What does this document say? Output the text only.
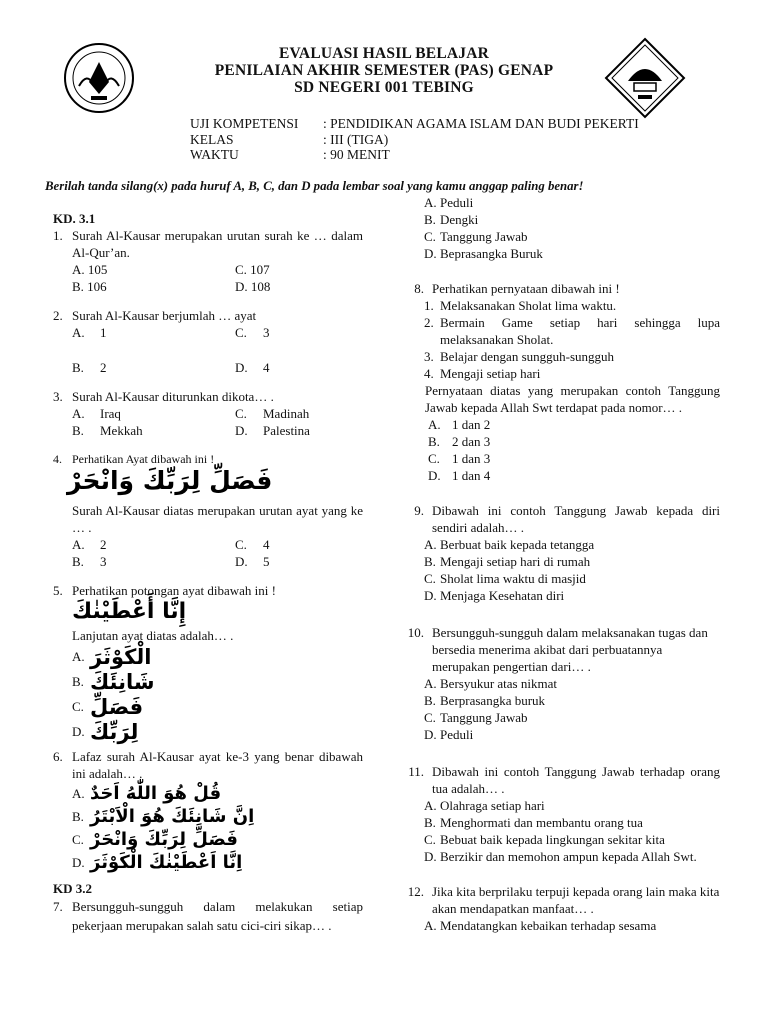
EVALUASI HASIL BELAJAR
PENILAIAN AKHIR SEMESTER (PAS) GENAP
SD NEGERI 001 TEBING
UJI KOMPETENSI	: PENDIDIKAN AGAMA ISLAM DAN BUDI PEKERTI
KELAS	: III (TIGA)
WAKTU	: 90 MENIT
Berilah tanda silang(x) pada huruf A, B, C, dan D pada lembar soal yang kamu anggap paling benar!
KD. 3.1
1. Surah Al-Kausar merupakan urutan surah ke … dalam Al-Qur’an.
A. 105	C. 107
B. 106	D. 108
2. Surah Al-Kausar berjumlah … ayat
A.	1	C.	3
B.	2	D.	4
3. Surah Al-Kausar diturunkan dikota… .
A.	Iraq	C.	Madinah
B.	Mekkah	D.	Palestina
4. Perhatikan Ayat dibawah ini !
فَصَلِّ لِرَبِّكَ وَانْحَرْ
Surah Al-Kausar diatas merupakan urutan ayat yang ke … .
A.	2	C.	4
B.	3	D.	5
5. Perhatikan potongan ayat dibawah ini !
إِنَّا أَعْطَيْنٰكَ
Lanjutan ayat diatas adalah… .
A. الْكَوْثَرَ
B. شَانِئَكَ
C. فَصَلِّ
D. لِرَبِّكَ
6. Lafaz surah Al-Kausar ayat ke-3 yang benar dibawah ini adalah… .
A. قُلْ هُوَ اللّٰهُ اَحَدٌ
B. اِنَّ شَانِئَكَ هُوَ الْاَبْتَرُ
C. فَصَلِّ لِرَبِّكَ وَانْحَرْ
D. اِنَّا اَعْطَيْنٰكَ الْكَوْثَرَ
KD 3.2
7. Bersungguh-sungguh dalam melakukan setiap pekerjaan merupakan salah satu cici-ciri sikap… .
A. Peduli
B. Dengki
C. Tanggung Jawab
D. Beprasangka Buruk
8. Perhatikan pernyataan dibawah ini !
1. Melaksanakan Sholat lima waktu.
2. Bermain Game setiap hari sehingga lupa melaksanakan Sholat.
3. Belajar dengan sungguh-sungguh
4. Mengaji setiap hari
Pernyataan diatas yang merupakan contoh Tanggung Jawab kepada Allah Swt terdapat pada nomor… .
A. 1 dan 2
B. 2 dan 3
C. 1 dan 3
D. 1 dan 4
9. Dibawah ini contoh Tanggung Jawab kepada diri sendiri adalah… .
A. Berbuat baik kepada tetangga
B. Mengaji setiap hari di rumah
C. Sholat lima waktu di masjid
D. Menjaga Kesehatan diri
10. Bersungguh-sungguh dalam melaksanakan tugas dan bersedia menerima akibat dari perbuatannya merupakan pengertian dari… .
A. Bersyukur atas nikmat
B. Berprasangka buruk
C. Tanggung Jawab
D. Peduli
11. Dibawah ini contoh Tanggung Jawab terhadap orang tua adalah… .
A. Olahraga setiap hari
B. Menghormati dan membantu orang tua
C. Bebuat baik kepada lingkungan sekitar kita
D. Berzikir dan memohon ampun kepada Allah Swt.
12. Jika kita berprilaku terpuji kepada orang lain maka kita akan mendapatkan manfaat… .
A. Mendatangkan kebaikan terhadap sesama
